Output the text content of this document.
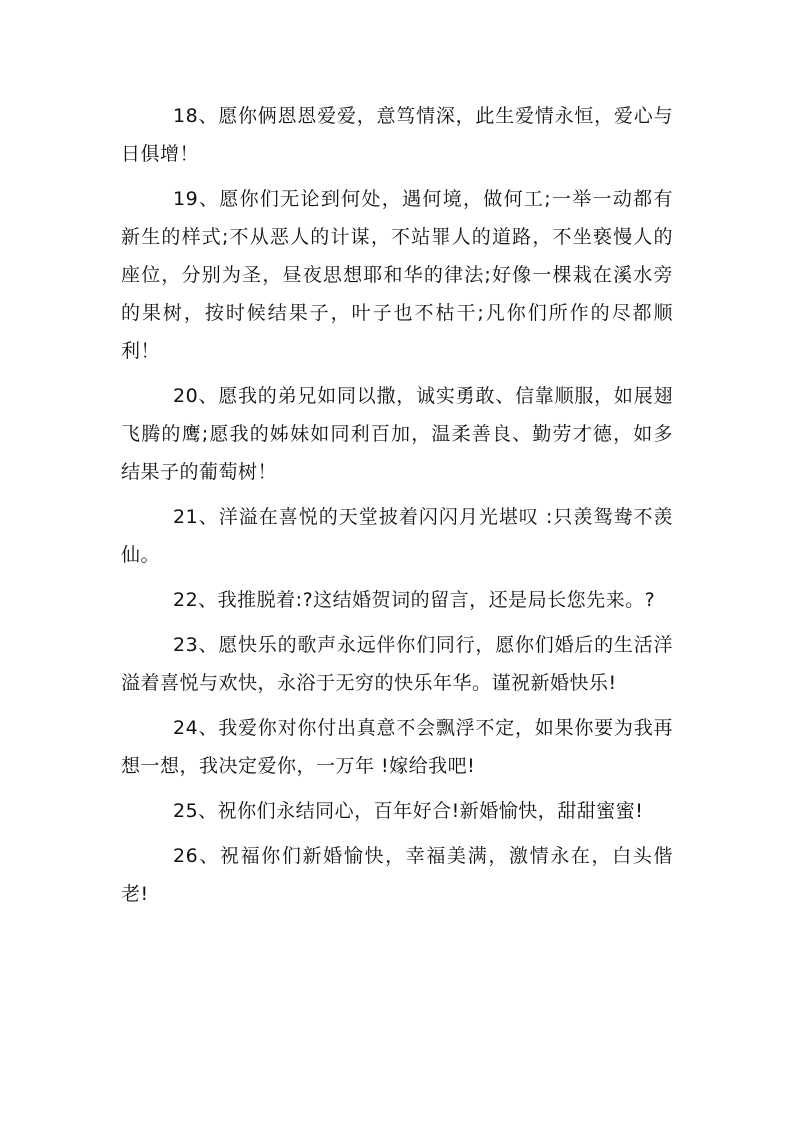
18、愿你俩恩恩爱爱，意笃情深，此生爱情永恒，爱心与日俱增！

19、愿你们无论到何处，遇何境，做何工;一举一动都有新生的样式;不从恶人的计谋，不站罪人的道路，不坐亵慢人的座位，分别为圣，昼夜思想耶和华的律法;好像一棵栽在溪水旁的果树，按时候结果子，叶子也不枯干;凡你们所作的尽都顺利！

20、愿我的弟兄如同以撒，诚实勇敢、信靠顺服，如展翅飞腾的鹰;愿我的姊妹如同利百加，温柔善良、勤劳才德，如多结果子的葡萄树！

21、洋溢在喜悦的天堂披着闪闪月光堪叹 :只羡鸳鸯不羡仙。

22、我推脱着:?这结婚贺词的留言，还是局长您先来。?

23、愿快乐的歌声永远伴你们同行，愿你们婚后的生活洋溢着喜悦与欢快，永浴于无穷的快乐年华。谨祝新婚快乐!

24、我爱你对你付出真意不会飘浮不定，如果你要为我再想一想，我决定爱你，一万年 !嫁给我吧!

25、祝你们永结同心，百年好合!新婚愉快，甜甜蜜蜜!

26、祝福你们新婚愉快，幸福美满，激情永在，白头偕老!
